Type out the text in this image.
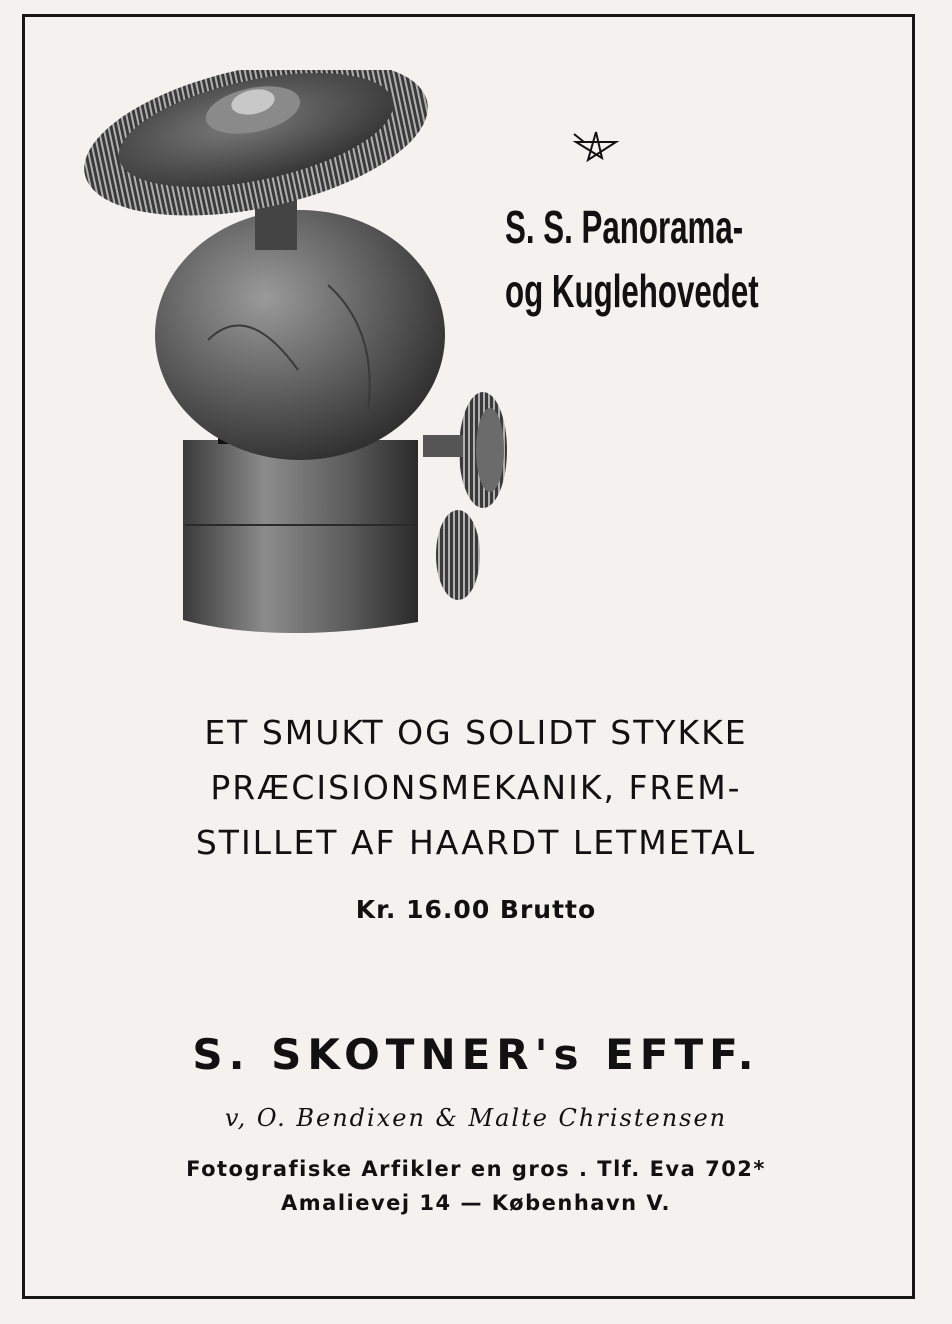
S. S. Panorama-
og Kuglehovedet
ET SMUKT OG SOLIDT STYKKE
PRÆCISIONSMEKANIK, FREM-
STILLET AF HAARDT LETMETAL
Kr. 16.00 Brutto
S. SKOTNER's EFTF.
v, O. Bendixen & Malte Christensen
Fotografiske Arfikler en gros . Tlf. Eva 702*
Amalievej 14 — København V.
